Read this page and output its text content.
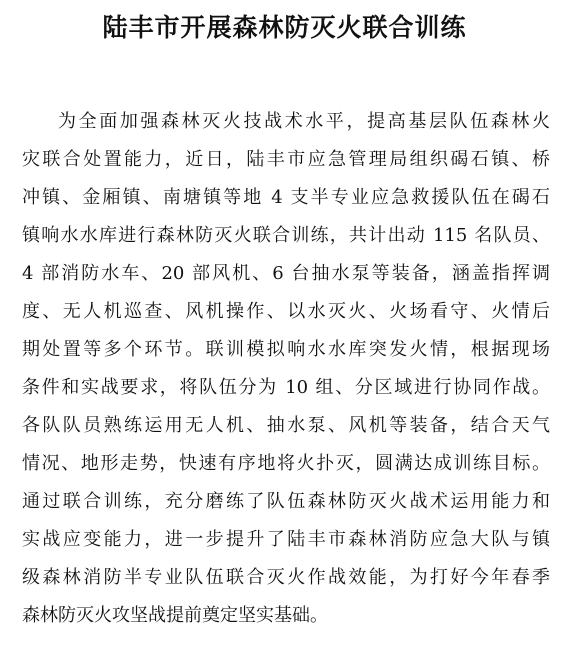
陆丰市开展森林防灭火联合训练
为全面加强森林灭火技战术水平，提高基层队伍森林火
灾联合处置能力，近日，陆丰市应急管理局组织碣石镇、桥
冲镇、金厢镇、南塘镇等地 4 支半专业应急救援队伍在碣石
镇响水水库进行森林防灭火联合训练，共计出动 115 名队员、
4 部消防水车、20 部风机、6 台抽水泵等装备，涵盖指挥调
度、无人机巡查、风机操作、以水灭火、火场看守、火情后
期处置等多个环节。联训模拟响水水库突发火情，根据现场
条件和实战要求，将队伍分为 10 组、分区域进行协同作战。
各队队员熟练运用无人机、抽水泵、风机等装备，结合天气
情况、地形走势，快速有序地将火扑灭，圆满达成训练目标。
通过联合训练，充分磨练了队伍森林防灭火战术运用能力和
实战应变能力，进一步提升了陆丰市森林消防应急大队与镇
级森林消防半专业队伍联合灭火作战效能，为打好今年春季
森林防灭火攻坚战提前奠定坚实基础。
